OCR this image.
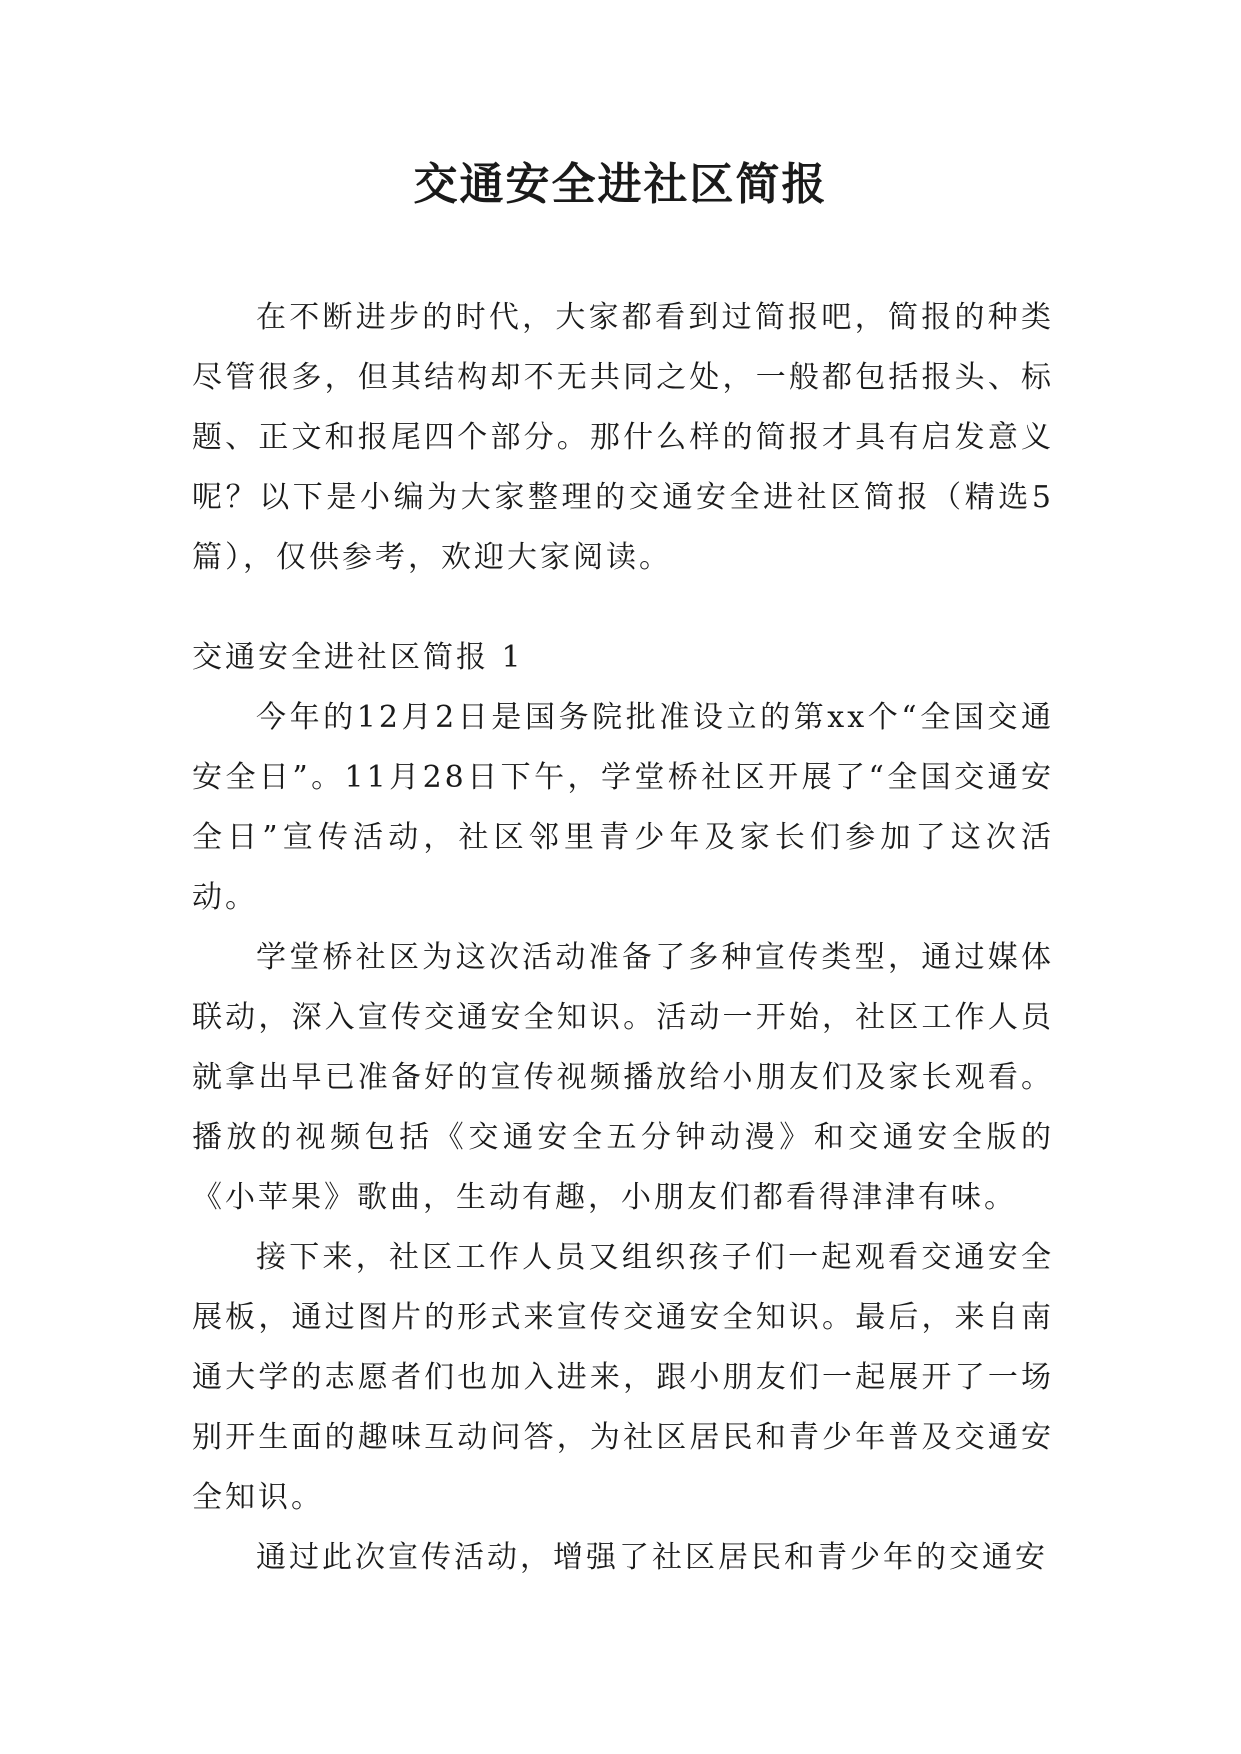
交通安全进社区简报

在不断进步的时代，大家都看到过简报吧，简报的种类尽管很多，但其结构却不无共同之处，一般都包括报头、标题、正文和报尾四个部分。那什么样的简报才具有启发意义呢？以下是小编为大家整理的交通安全进社区简报（精选5篇），仅供参考，欢迎大家阅读。

交通安全进社区简报 1

今年的12月2日是国务院批准设立的第xx个“全国交通安全日”。11月28日下午，学堂桥社区开展了“全国交通安全日”宣传活动，社区邻里青少年及家长们参加了这次活动。

学堂桥社区为这次活动准备了多种宣传类型，通过媒体联动，深入宣传交通安全知识。活动一开始，社区工作人员就拿出早已准备好的宣传视频播放给小朋友们及家长观看。播放的视频包括《交通安全五分钟动漫》和交通安全版的《小苹果》歌曲，生动有趣，小朋友们都看得津津有味。

接下来，社区工作人员又组织孩子们一起观看交通安全展板，通过图片的形式来宣传交通安全知识。最后，来自南通大学的志愿者们也加入进来，跟小朋友们一起展开了一场别开生面的趣味互动问答，为社区居民和青少年普及交通安全知识。

通过此次宣传活动，增强了社区居民和青少年的交通安
